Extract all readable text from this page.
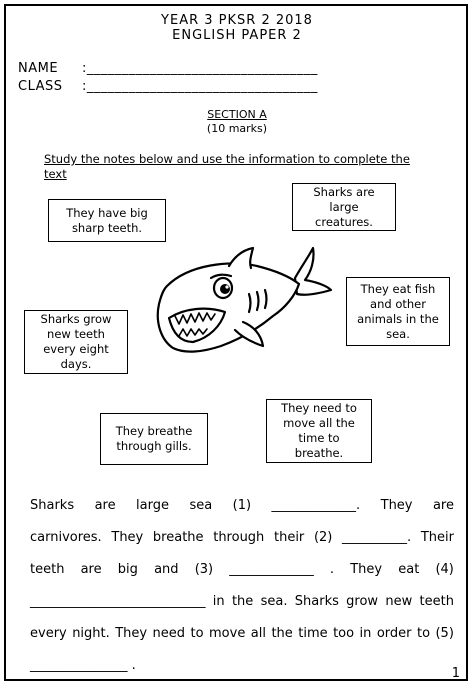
YEAR 3 PKSR 2 2018
ENGLISH PAPER 2
NAME :_________________________________
CLASS :_________________________________
SECTION A
(10 marks)
Study the notes below and use the information to complete the text
They have big sharp teeth.
Sharks are large creatures.
They eat fish and other animals in the sea.
Sharks grow new teeth every eight days.
They breathe through gills.
They need to move all the time to breathe.
Sharks are large sea (1) _____________. They are
carnivores. They breathe through their (2) __________. Their
teeth are big and (3) _____________ . They eat (4)
___________________________ in the sea. Sharks grow new teeth
every night. They need to move all the time too in order to (5)
_______________ .
1
